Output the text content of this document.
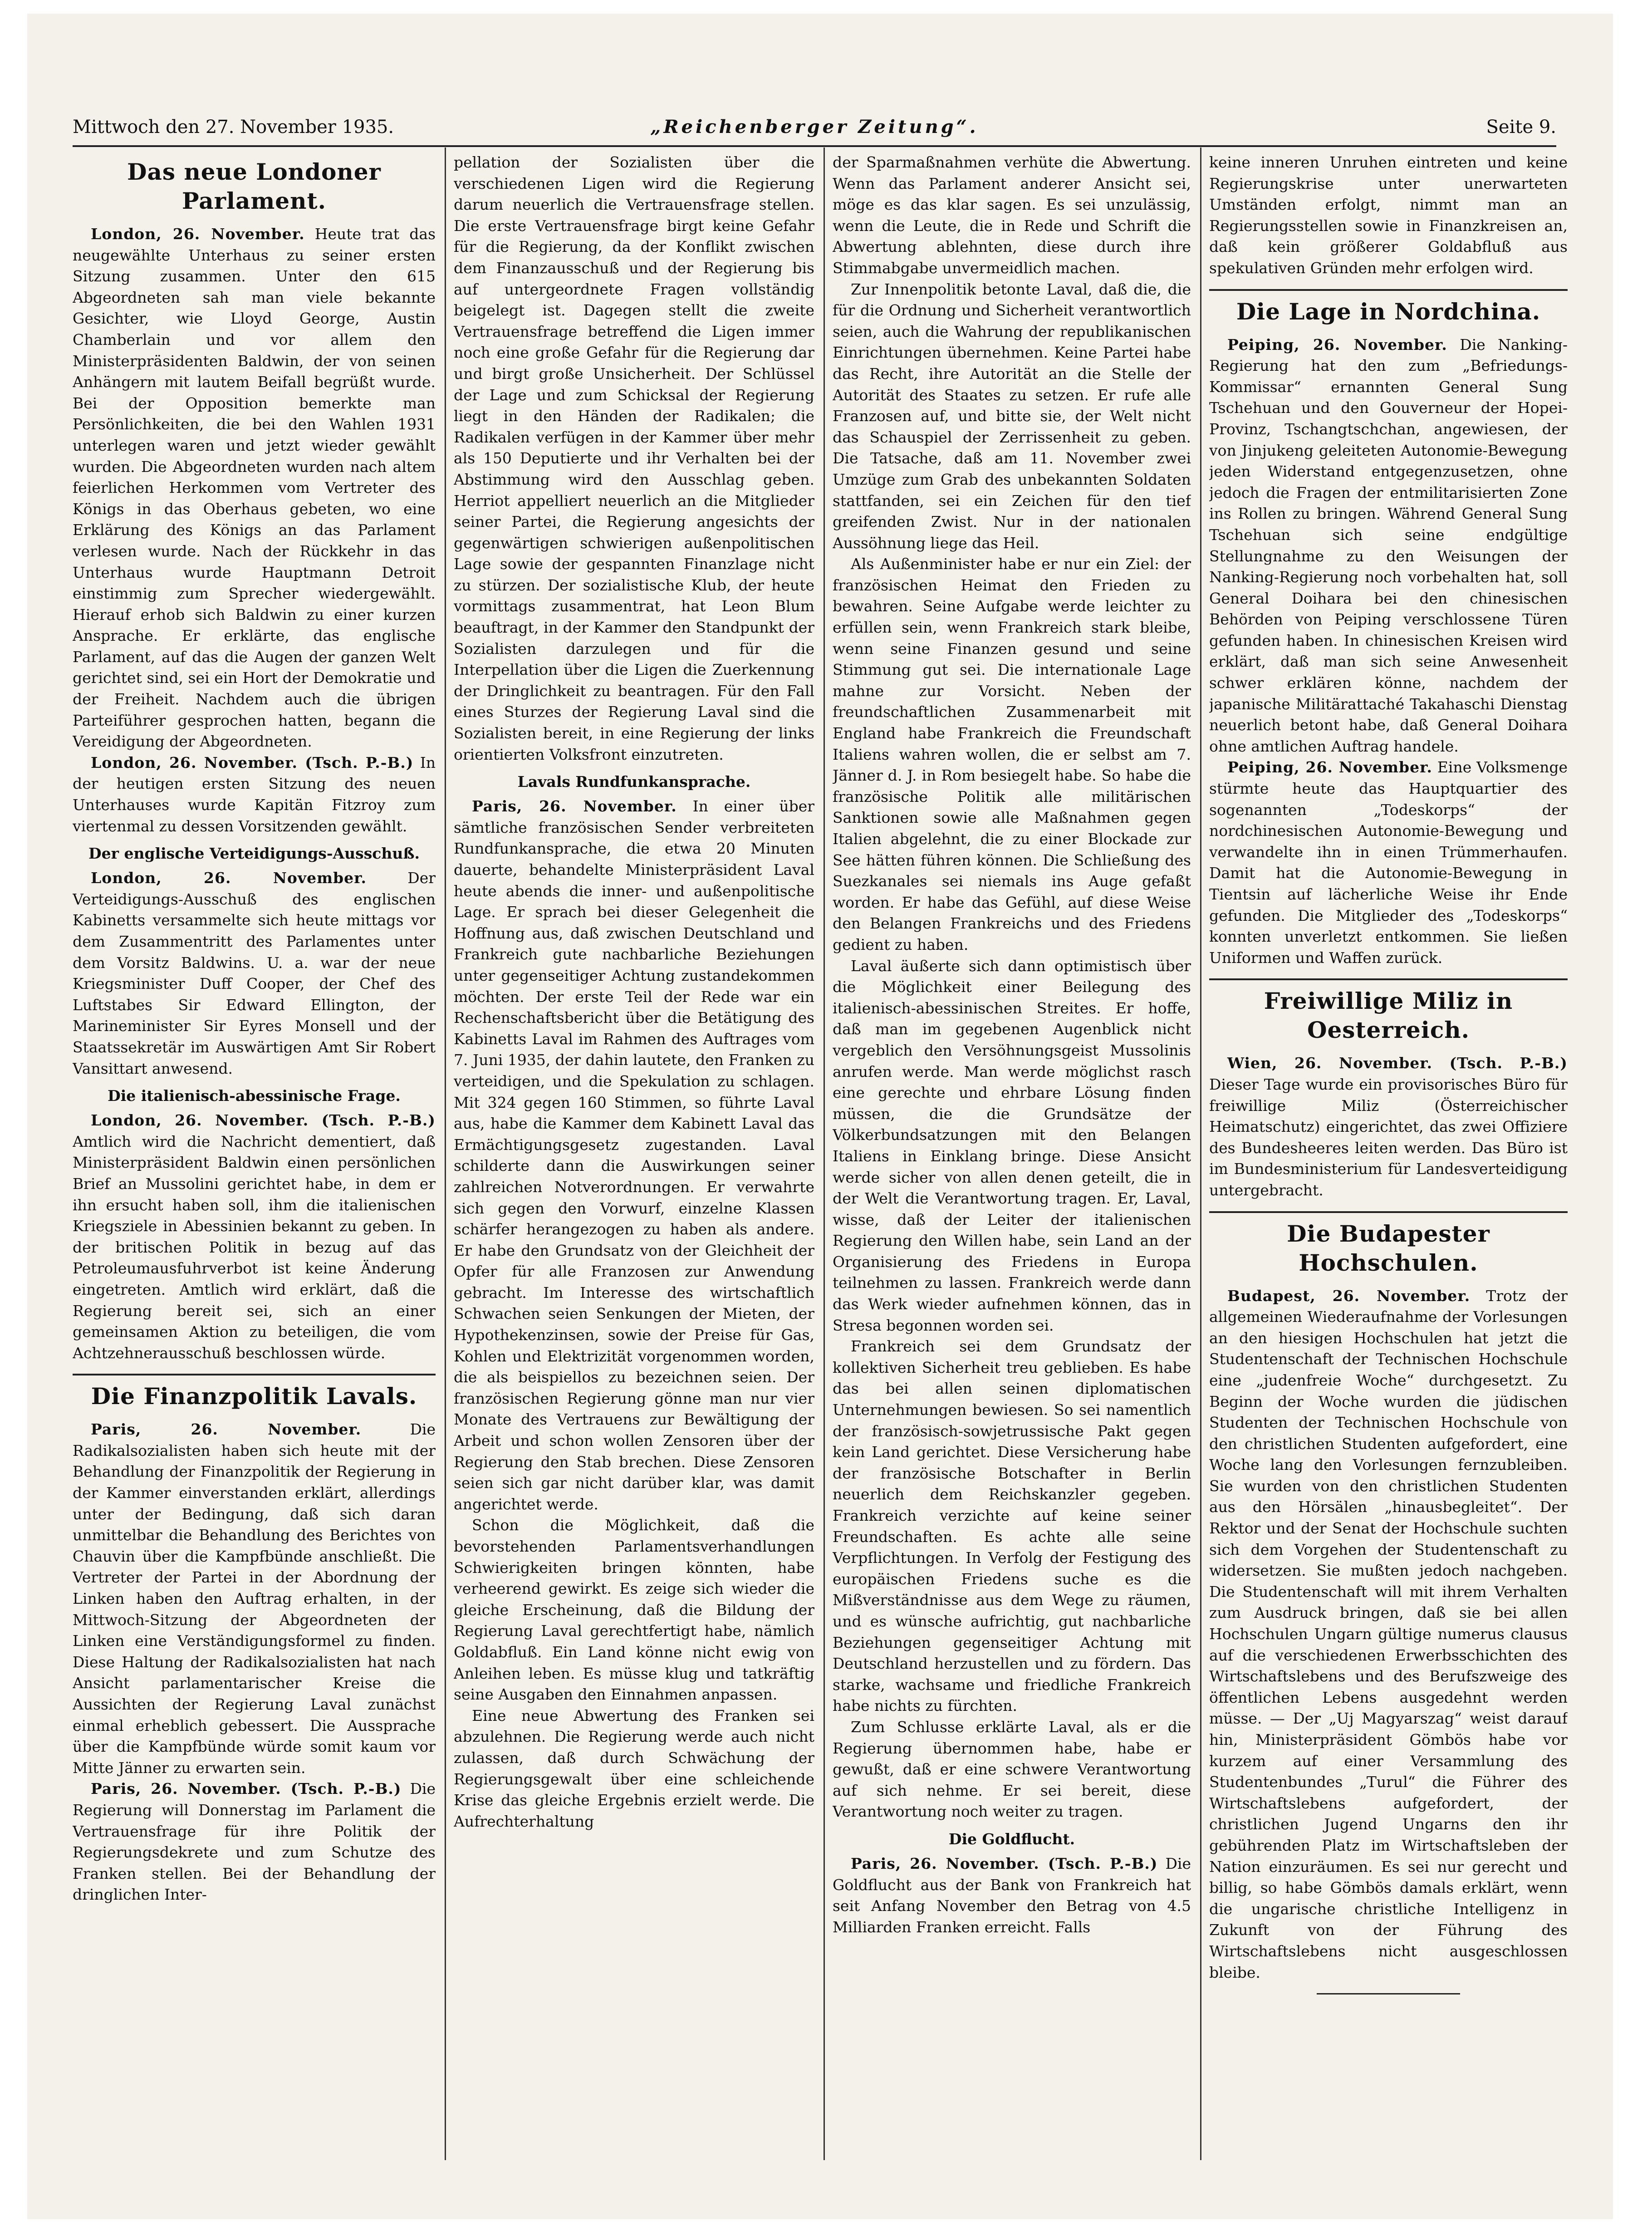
Mittwoch den 27. November 1935.	„Reichenberger Zeitung“.	Seite 9.
Das neue Londoner Parlament.

London, 26. November. Heute trat das neugewählte Unterhaus zu seiner ersten Sitzung zusammen. Unter den 615 Abgeordneten sah man viele bekannte Gesichter, wie Lloyd George, Austin Chamberlain und vor allem den Ministerpräsidenten Baldwin, der von seinen Anhängern mit lautem Beifall begrüßt wurde. Bei der Opposition bemerkte man Persönlichkeiten, die bei den Wahlen 1931 unterlegen waren und jetzt wieder gewählt wurden. Die Abgeordneten wurden nach altem feierlichen Herkommen vom Vertreter des Königs in das Oberhaus gebeten, wo eine Erklärung des Königs an das Parlament verlesen wurde. Nach der Rückkehr in das Unterhaus wurde Hauptmann Detroit einstimmig zum Sprecher wiedergewählt. Hierauf erhob sich Baldwin zu einer kurzen Ansprache. Er erklärte, das englische Parlament, auf das die Augen der ganzen Welt gerichtet sind, sei ein Hort der Demokratie und der Freiheit. Nachdem auch die übrigen Parteiführer gesprochen hatten, begann die Vereidigung der Abgeordneten.

London, 26. November. (Tsch. P.-B.) In der heutigen ersten Sitzung des neuen Unterhauses wurde Kapitän Fitzroy zum viertenmal zu dessen Vorsitzenden gewählt.

Der englische Verteidigungs-Ausschuß.

London, 26. November.	Der Verteidigungs-Ausschuß des englischen Kabinetts versammelte sich heute mittags vor dem Zusammentritt des Parlamentes unter dem Vorsitz Baldwins. U. a. war der neue Kriegsminister Duff Cooper, der Chef des Luftstabes Sir Edward Ellington, der Marineminister Sir Eyres Monsell und der Staatssekretär im Auswärtigen Amt Sir Robert Vansittart anwesend.

Die italienisch-abessinische Frage.

London, 26. November. (Tsch. P.-B.) Amtlich wird die Nachricht dementiert, daß Ministerpräsident Baldwin einen persönlichen Brief an Mussolini gerichtet habe, in dem er ihn ersucht haben soll, ihm die italienischen Kriegsziele in Abessinien bekannt zu geben. In der britischen Politik in bezug auf das Petroleumausfuhrverbot ist keine Änderung eingetreten. Amtlich wird erklärt, daß die Regierung bereit sei, sich an einer gemeinsamen Aktion zu beteiligen, die vom Achtzehnerausschuß beschlossen würde.

Die Finanzpolitik Lavals.

Paris, 26. November.	Die Radikalsozialisten haben sich heute mit der Behandlung der Finanzpolitik der Regierung in der Kammer einverstanden erklärt, allerdings unter der Bedingung, daß sich daran unmittelbar die Behandlung des Berichtes von Chauvin über die Kampfbünde anschließt. Die Vertreter der Partei in der Abordnung der Linken haben den Auftrag erhalten, in der Mittwoch-Sitzung der Abgeordneten der Linken eine Verständigungsformel zu finden. Diese Haltung der Radikalsozialisten hat nach Ansicht parlamentarischer Kreise die Aussichten der Regierung Laval zunächst einmal erheblich gebessert. Die Aussprache über die Kampfbünde würde somit kaum vor Mitte Jänner zu erwarten sein.

Paris, 26. November. (Tsch. P.-B.) Die Regierung will Donnerstag im Parlament die Vertrauensfrage für ihre Politik der Regierungsdekrete und zum Schutze des Franken stellen. Bei der Behandlung der dringlichen Inter-

pellation der Sozialisten über die verschiedenen Ligen wird die Regierung darum neuerlich die Vertrauensfrage stellen. Die erste Vertrauensfrage birgt keine Gefahr für die Regierung, da der Konflikt zwischen dem Finanzausschuß und der Regierung bis auf untergeordnete Fragen vollständig beigelegt ist. Dagegen stellt die zweite Vertrauensfrage betreffend die Ligen immer noch eine große Gefahr für die Regierung dar und birgt große Unsicherheit. Der Schlüssel der Lage und zum Schicksal der Regierung liegt in den Händen der Radikalen; die Radikalen verfügen in der Kammer über mehr als 150 Deputierte und ihr Verhalten bei der Abstimmung wird den Ausschlag geben. Herriot appelliert neuerlich an die Mitglieder seiner Partei, die Regierung angesichts der gegenwärtigen schwierigen außenpolitischen Lage sowie der gespannten Finanzlage nicht zu stürzen. Der sozialistische Klub, der heute vormittags zusammentrat, hat Leon Blum beauftragt, in der Kammer den Standpunkt der Sozialisten darzulegen und für die Interpellation über die Ligen die Zuerkennung der Dringlichkeit zu beantragen. Für den Fall eines Sturzes der Regierung Laval sind die Sozialisten bereit, in eine Regierung der links orientierten Volksfront einzutreten.

Lavals Rundfunkansprache.

Paris, 26. November. In einer über sämtliche französischen Sender verbreiteten Rundfunkansprache, die etwa 20 Minuten dauerte, behandelte Ministerpräsident Laval heute abends die inner- und außenpolitische Lage. Er sprach bei dieser Gelegenheit die Hoffnung aus, daß zwischen Deutschland und Frankreich gute nachbarliche Beziehungen unter gegenseitiger Achtung zustandekommen möchten. Der erste Teil der Rede war ein Rechenschaftsbericht über die Betätigung des Kabinetts Laval im Rahmen des Auftrages vom 7. Juni 1935, der dahin lautete, den Franken zu verteidigen, und die Spekulation zu schlagen. Mit 324 gegen 160 Stimmen, so führte Laval aus, habe die Kammer dem Kabinett Laval das Ermächtigungsgesetz zugestanden. Laval schilderte dann die Auswirkungen seiner zahlreichen Notverordnungen. Er verwahrte sich gegen den Vorwurf, einzelne Klassen schärfer herangezogen zu haben als andere. Er habe den Grundsatz von der Gleichheit der Opfer für alle Franzosen zur Anwendung gebracht. Im Interesse des wirtschaftlich Schwachen seien Senkungen der Mieten, der Hypothekenzinsen, sowie der Preise für Gas, Kohlen und Elektrizität vorgenommen worden, die als beispiellos zu bezeichnen seien. Der französischen Regierung gönne man nur vier Monate des Vertrauens zur Bewältigung der Arbeit und schon wollen Zensoren über der Regierung den Stab brechen. Diese Zensoren seien sich gar nicht darüber klar, was damit angerichtet werde.

Schon die Möglichkeit, daß die bevorstehenden Parlamentsverhandlungen Schwierigkeiten bringen könnten, habe verheerend gewirkt. Es zeige sich wieder die gleiche Erscheinung, daß die Bildung der Regierung Laval gerechtfertigt habe, nämlich Goldabfluß. Ein Land könne nicht ewig von Anleihen leben. Es müsse klug und tatkräftig seine Ausgaben den Einnahmen anpassen.

Eine neue Abwertung des Franken sei abzulehnen. Die Regierung werde auch nicht zulassen, daß durch Schwächung der Regierungsgewalt über eine schleichende Krise das gleiche Ergebnis erzielt werde. Die Aufrechterhaltung

der Sparmaßnahmen verhüte die Abwertung. Wenn das Parlament anderer Ansicht sei, möge es das klar sagen. Es sei unzulässig, wenn die Leute, die in Rede und Schrift die Abwertung ablehnten, diese durch ihre Stimmabgabe unvermeidlich machen.

Zur Innenpolitik betonte Laval, daß die, die für die Ordnung und Sicherheit verantwortlich seien, auch die Wahrung der republikanischen Einrichtungen übernehmen. Keine Partei habe das Recht, ihre Autorität an die Stelle der Autorität des Staates zu setzen. Er rufe alle Franzosen auf, und bitte sie, der Welt nicht das Schauspiel der Zerrissenheit zu geben. Die Tatsache, daß am 11. November zwei Umzüge zum Grab des unbekannten Soldaten stattfanden, sei ein Zeichen für den tief greifenden Zwist. Nur in der nationalen Aussöhnung liege das Heil.

Als Außenminister habe er nur ein Ziel: der französischen Heimat den Frieden zu bewahren. Seine Aufgabe werde leichter zu erfüllen sein, wenn Frankreich stark bleibe, wenn seine Finanzen gesund und seine Stimmung gut sei. Die internationale Lage mahne zur Vorsicht. Neben der freundschaftlichen Zusammenarbeit mit England habe Frankreich die Freundschaft Italiens wahren wollen, die er selbst am 7. Jänner d. J. in Rom besiegelt habe. So habe die französische Politik alle militärischen Sanktionen sowie alle Maßnahmen gegen Italien abgelehnt, die zu einer Blockade zur See hätten führen können. Die Schließung des Suezkanales sei niemals ins Auge gefaßt worden. Er habe das Gefühl, auf diese Weise den Belangen Frankreichs und des Friedens gedient zu haben.

Laval äußerte sich dann optimistisch über die Möglichkeit einer Beilegung des italienisch-abessinischen Streites. Er hoffe, daß man im gegebenen Augenblick nicht vergeblich den Versöhnungsgeist Mussolinis anrufen werde. Man werde möglichst rasch eine gerechte und ehrbare Lösung finden müssen, die die Grundsätze der Völkerbundsatzungen mit den Belangen Italiens in Einklang bringe. Diese Ansicht werde sicher von allen denen geteilt, die in der Welt die Verantwortung tragen. Er, Laval, wisse, daß der Leiter der italienischen Regierung den Willen habe, sein Land an der Organisierung des Friedens in Europa teilnehmen zu lassen. Frankreich werde dann das Werk wieder aufnehmen können, das in Stresa begonnen worden sei.

Frankreich sei dem Grundsatz der kollektiven Sicherheit treu geblieben. Es habe das bei allen seinen diplomatischen Unternehmungen bewiesen. So sei namentlich der französisch-sowjetrussische Pakt gegen kein Land gerichtet. Diese Versicherung habe der französische Botschafter in Berlin neuerlich dem Reichskanzler gegeben. Frankreich verzichte auf keine seiner Freundschaften. Es achte alle seine Verpflichtungen. In Verfolg der Festigung des europäischen Friedens suche es die Mißverständnisse aus dem Wege zu räumen, und es wünsche aufrichtig, gut nachbarliche Beziehungen gegenseitiger Achtung mit Deutschland herzustellen und zu fördern. Das starke, wachsame und friedliche Frankreich habe nichts zu fürchten.

Zum Schlusse erklärte Laval, als er die Regierung übernommen habe, habe er gewußt, daß er eine schwere Verantwortung auf sich nehme. Er sei bereit, diese Verantwortung noch weiter zu tragen.

Die Goldflucht.

Paris, 26. November. (Tsch. P.-B.) Die Goldflucht aus der Bank von Frankreich hat seit Anfang November den Betrag von 4.5 Milliarden Franken erreicht. Falls

keine inneren Unruhen eintreten und keine Regierungskrise unter unerwarteten Umständen erfolgt, nimmt man an Regierungsstellen sowie in Finanzkreisen an, daß kein größerer Goldabfluß aus spekulativen Gründen mehr erfolgen wird.

Die Lage in Nordchina.

Peiping, 26. November. Die Nanking-Regierung hat den zum „Befriedungs-Kommissar“ ernannten General Sung Tschehuan und den Gouverneur der Hopei-Provinz, Tschangtschchan, angewiesen, der von Jinjukeng geleiteten Autonomie-Bewegung jeden Widerstand entgegenzusetzen, ohne jedoch die Fragen der entmilitarisierten Zone ins Rollen zu bringen. Während General Sung Tschehuan sich seine endgültige Stellungnahme zu den Weisungen der Nanking-Regierung noch vorbehalten hat, soll General Doihara bei den chinesischen Behörden von Peiping verschlossene Türen gefunden haben. In chinesischen Kreisen wird erklärt, daß man sich seine Anwesenheit schwer erklären könne, nachdem der japanische Militärattaché Takahaschi Dienstag neuerlich betont habe, daß General Doihara ohne amtlichen Auftrag handele.

Peiping, 26. November. Eine Volksmenge stürmte heute das Hauptquartier des sogenannten „Todeskorps“ der nordchinesischen Autonomie-Bewegung und verwandelte ihn in einen Trümmerhaufen. Damit hat die Autonomie-Bewegung in Tientsin auf lächerliche Weise ihr Ende gefunden. Die Mitglieder des „Todeskorps“ konnten unverletzt entkommen. Sie ließen Uniformen und Waffen zurück.

Freiwillige Miliz in Oesterreich.

Wien, 26. November. (Tsch. P.-B.) Dieser Tage wurde ein provisorisches Büro für freiwillige Miliz (Österreichischer Heimatschutz) eingerichtet, das zwei Offiziere des Bundesheeres leiten werden. Das Büro ist im Bundesministerium für Landesverteidigung untergebracht.

Die Budapester Hochschulen.

Budapest, 26. November. Trotz der allgemeinen Wiederaufnahme der Vorlesungen an den hiesigen Hochschulen hat jetzt die Studentenschaft der Technischen Hochschule eine „judenfreie Woche“ durchgesetzt. Zu Beginn der Woche wurden die jüdischen Studenten der Technischen Hochschule von den christlichen Studenten aufgefordert, eine Woche lang den Vorlesungen fernzubleiben. Sie wurden von den christlichen Studenten aus den Hörsälen „hinausbegleitet“. Der Rektor und der Senat der Hochschule suchten sich dem Vorgehen der Studentenschaft zu widersetzen. Sie mußten jedoch nachgeben. Die Studentenschaft will mit ihrem Verhalten zum Ausdruck bringen, daß sie bei allen Hochschulen Ungarn gültige numerus clausus auf die verschiedenen Erwerbsschichten des Wirtschaftslebens und des Berufszweige des öffentlichen Lebens ausgedehnt werden müsse. — Der „Uj Magyarszag“ weist darauf hin, Ministerpräsident Gömbös habe vor kurzem auf einer Versammlung des Studentenbundes „Turul“ die Führer des Wirtschaftslebens aufgefordert, der christlichen Jugend Ungarns den ihr gebührenden Platz im Wirtschaftsleben der Nation einzuräumen. Es sei nur gerecht und billig, so habe Gömbös damals erklärt, wenn die ungarische christliche Intelligenz in Zukunft von der Führung des Wirtschaftslebens nicht ausgeschlossen bleibe.
